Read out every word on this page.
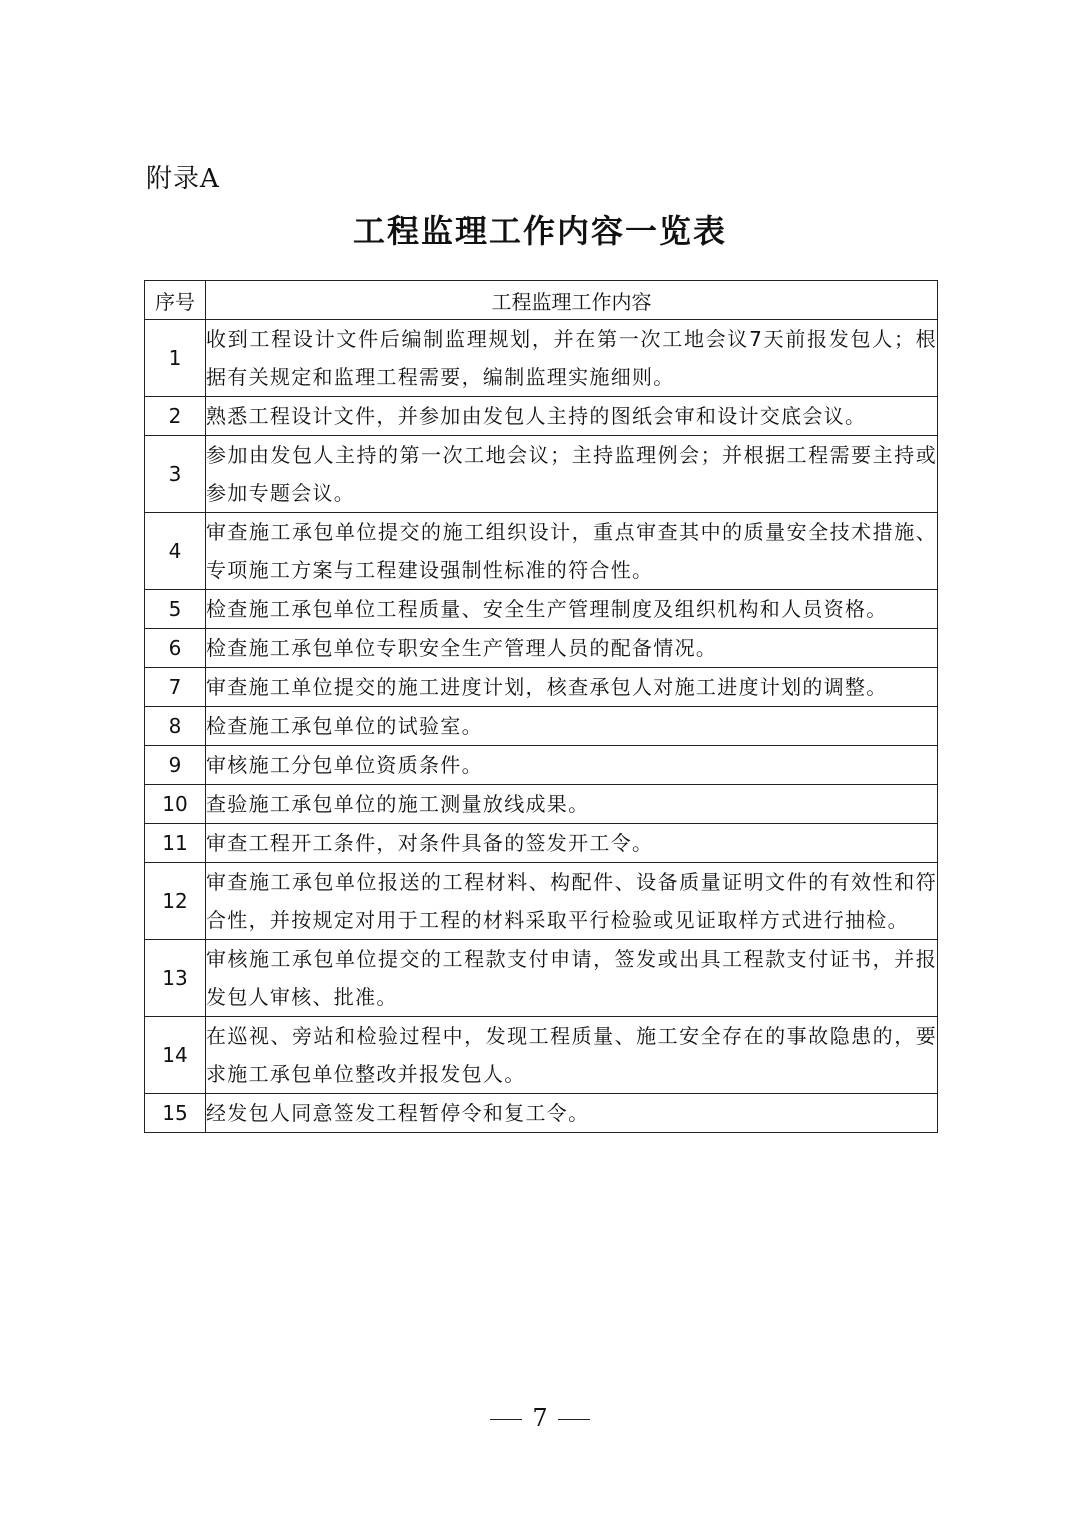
附录A
工程监理工作内容一览表
序号	工程监理工作内容
1	收到工程设计文件后编制监理规划，并在第一次工地会议7天前报发包人；根据有关规定和监理工程需要，编制监理实施细则。
2	熟悉工程设计文件，并参加由发包人主持的图纸会审和设计交底会议。
3	参加由发包人主持的第一次工地会议；主持监理例会；并根据工程需要主持或参加专题会议。
4	审查施工承包单位提交的施工组织设计，重点审查其中的质量安全技术措施、专项施工方案与工程建设强制性标准的符合性。
5	检查施工承包单位工程质量、安全生产管理制度及组织机构和人员资格。
6	检查施工承包单位专职安全生产管理人员的配备情况。
7	审查施工单位提交的施工进度计划，核查承包人对施工进度计划的调整。
8	检查施工承包单位的试验室。
9	审核施工分包单位资质条件。
10	查验施工承包单位的施工测量放线成果。
11	审查工程开工条件，对条件具备的签发开工令。
12	审查施工承包单位报送的工程材料、构配件、设备质量证明文件的有效性和符合性，并按规定对用于工程的材料采取平行检验或见证取样方式进行抽检。
13	审核施工承包单位提交的工程款支付申请，签发或出具工程款支付证书，并报发包人审核、批准。
14	在巡视、旁站和检验过程中，发现工程质量、施工安全存在的事故隐患的，要求施工承包单位整改并报发包人。
15	经发包人同意签发工程暂停令和复工令。
7
